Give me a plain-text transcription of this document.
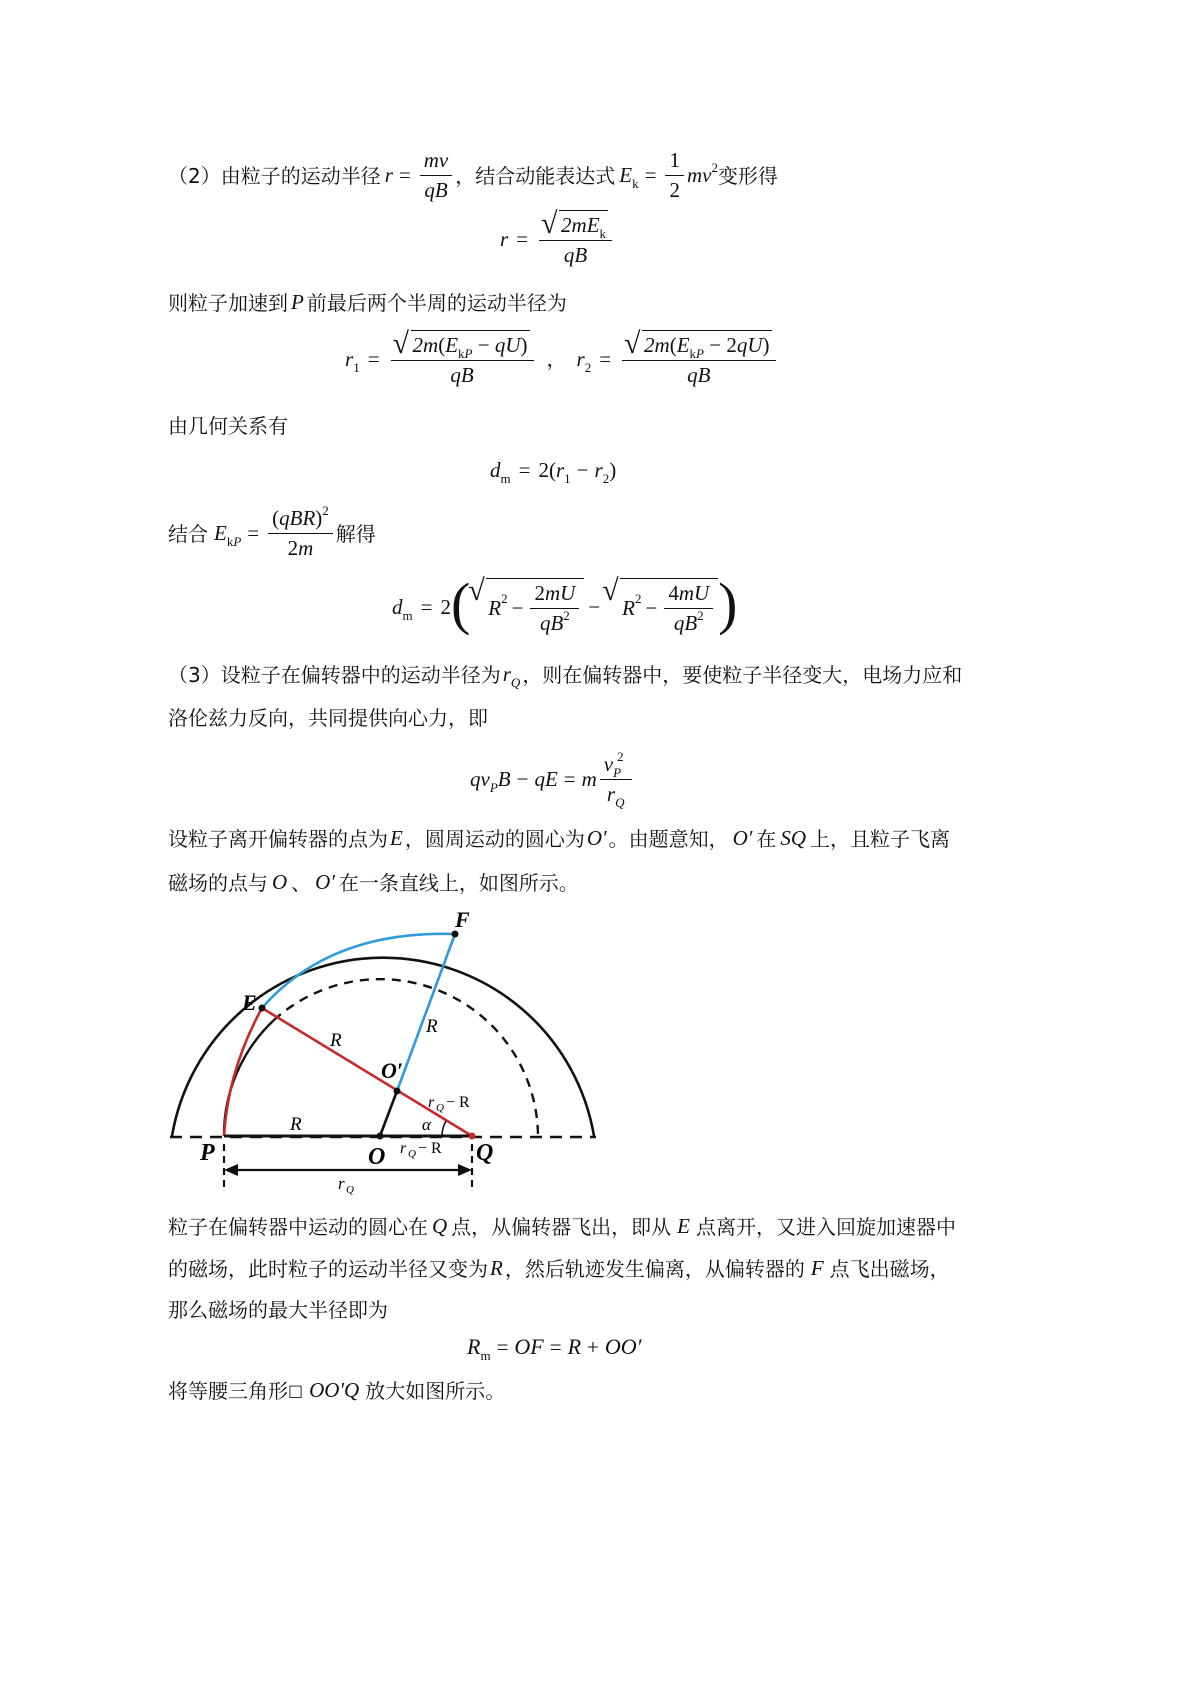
（2）由粒子的运动半径 $r = \frac{mv}{qB}$ ，结合动能表达式 $E_k = \frac{1}{2} mv^2$ 变形得
r = √ $\frac{2mE_k}{qB}$
则粒子加速到 P 前最后两个半周的运动半径为
$r_1$ = √ $\frac{2m(E_{kP} - qU)}{qB}$ ， $r_2$ = √ $\frac{2m(E_{kP} - 2qU)}{qB}$
由几何关系有
$d_m = 2$( $r_1 - r_2$ )
结合 $E_{kP} = \frac{(qBR)^2}{2m}$ 解得
$d_m = 2$ ( √ R $2 - \frac{2mU}{qB^2}$ −	√ R $2 - \frac{4mU}{qB^2}$ )
（3）设粒子在偏转器中的运动半径为 $r_Q$ ，则在偏转器中，要使粒子半径变大，电场力应和
洛伦兹力反向，共同提供向心力，即
$qv_PB$ − qE = m $\frac{v_P^2}{r_Q}$
设粒子离开偏转器的点为 E ，圆周运动的圆心为 O′ 。由题意知， O′ 在 SQ 上，且粒子飞离
磁场的点与 O 、 O′ 在一条直线上，如图所示。
F
E
P	O	Q
O′
R
R
R
r Q − R
r Q − R
α
r Q
粒子在偏转器中运动的圆心在 Q 点，从偏转器飞出，即从 E 点离开，又进入回旋加速器中
的磁场，此时粒子的运动半径又变为 R ，然后轨迹发生偏离，从偏转器的 F 点飞出磁场，
那么磁场的最大半径即为
$R_m$ = OF = R + OO′
将等腰三角形 □ OO′Q 放大如图所示。
